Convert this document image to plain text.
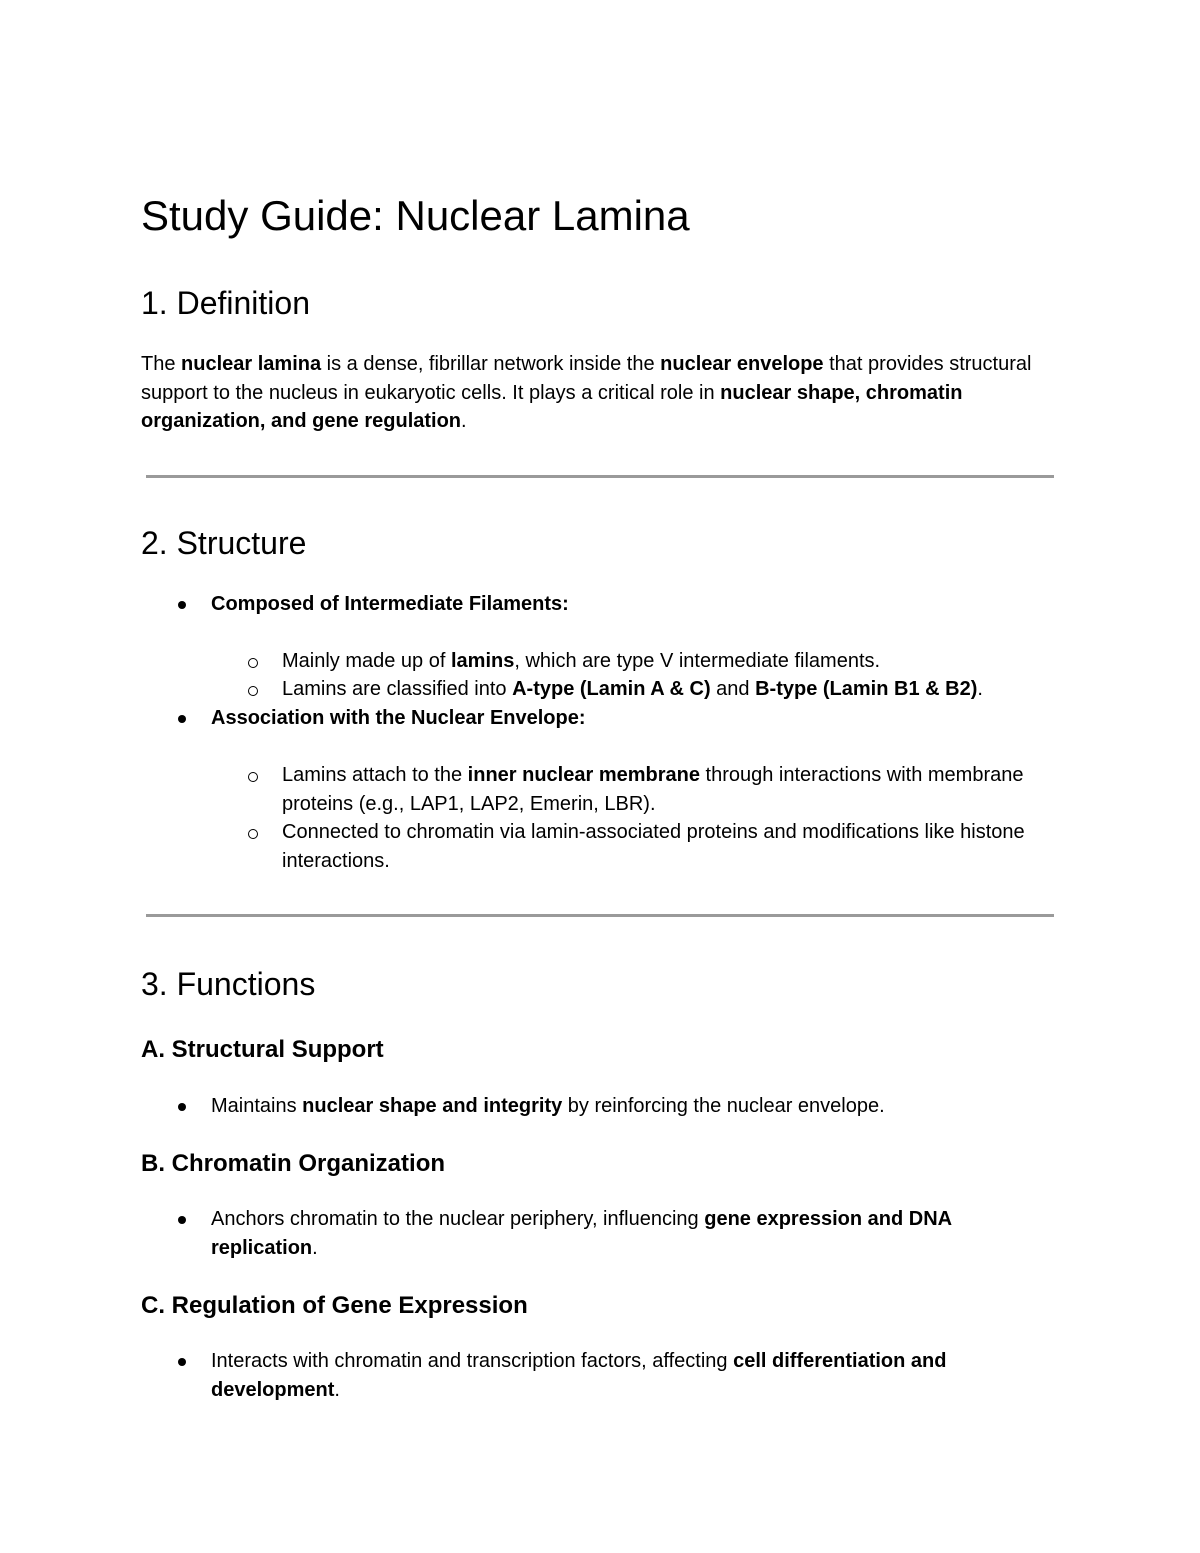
Study Guide: Nuclear Lamina
1. Definition

The nuclear lamina is a dense, fibrillar network inside the nuclear envelope that provides structural support to the nucleus in eukaryotic cells. It plays a critical role in nuclear shape, chromatin organization, and gene regulation.

2. Structure
Composed of Intermediate Filaments:
Mainly made up of lamins, which are type V intermediate filaments.
Lamins are classified into A-type (Lamin A & C) and B-type (Lamin B1 & B2).
Association with the Nuclear Envelope:
Lamins attach to the inner nuclear membrane through interactions with membrane proteins (e.g., LAP1, LAP2, Emerin, LBR).
Connected to chromatin via lamin-associated proteins and modifications like histone interactions.
3. Functions
A. Structural Support
Maintains nuclear shape and integrity by reinforcing the nuclear envelope.
B. Chromatin Organization
Anchors chromatin to the nuclear periphery, influencing gene expression and DNA replication.
C. Regulation of Gene Expression
Interacts with chromatin and transcription factors, affecting cell differentiation and development.
